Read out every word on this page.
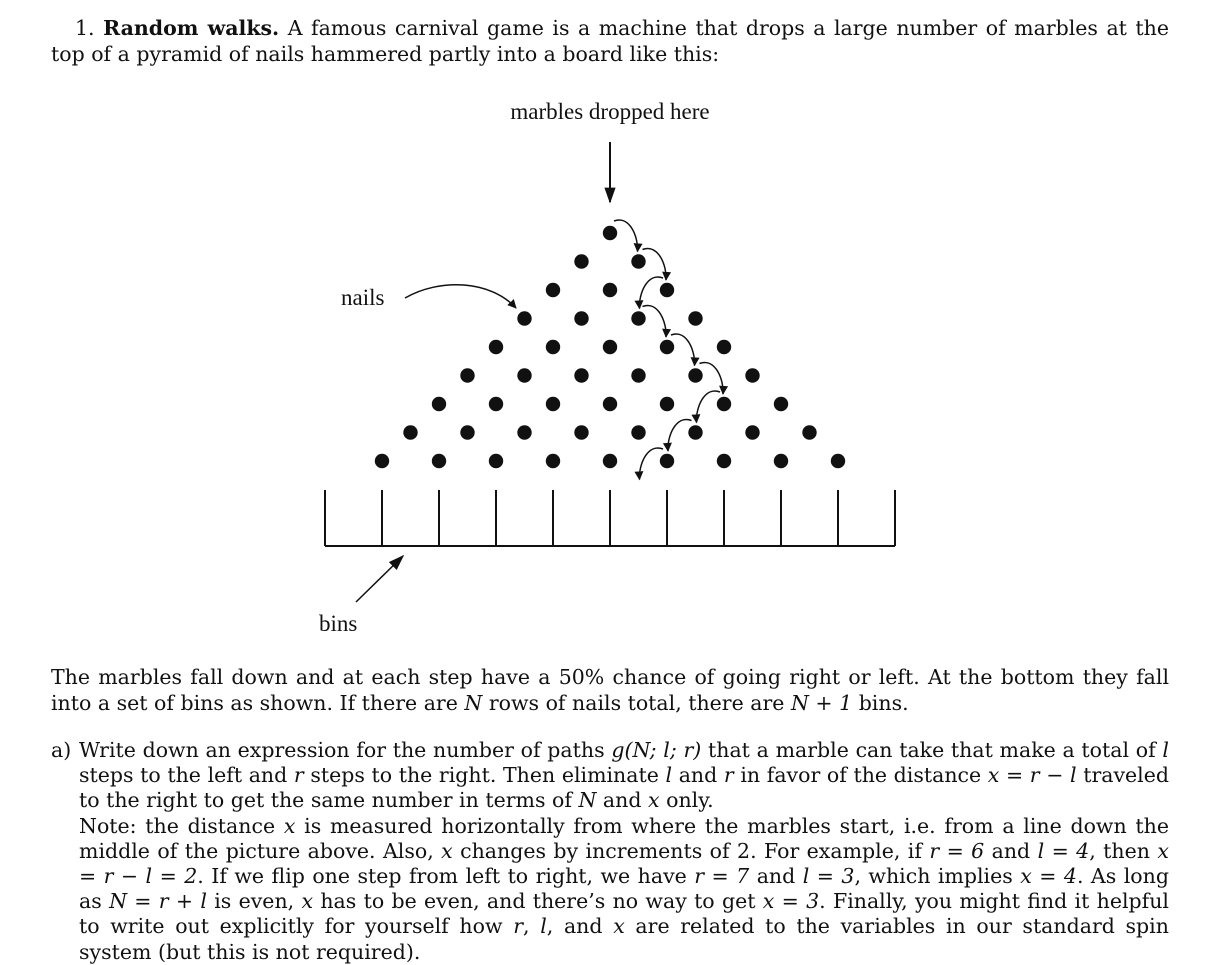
1. Random walks. A famous carnival game is a machine that drops a large number of marbles at the top of a pyramid of nails hammered partly into a board like this:
marbles dropped here
nails
bins
The marbles fall down and at each step have a 50% chance of going right or left. At the bottom they fall into a set of bins as shown. If there are N rows of nails total, there are N + 1 bins.
a) Write down an expression for the number of paths g(N; l; r) that a marble can take that make a total of l steps to the left and r steps to the right. Then eliminate l and r in favor of the distance x = r − l traveled to the right to get the same number in terms of N and x only.
Note: the distance x is measured horizontally from where the marbles start, i.e. from a line down the middle of the picture above. Also, x changes by increments of 2. For example, if r = 6 and l = 4, then x = r − l = 2. If we flip one step from left to right, we have r = 7 and l = 3, which implies x = 4. As long as N = r + l is even, x has to be even, and there’s no way to get x = 3. Finally, you might find it helpful to write out explicitly for yourself how r, l, and x are related to the variables in our standard spin system (but this is not required).
